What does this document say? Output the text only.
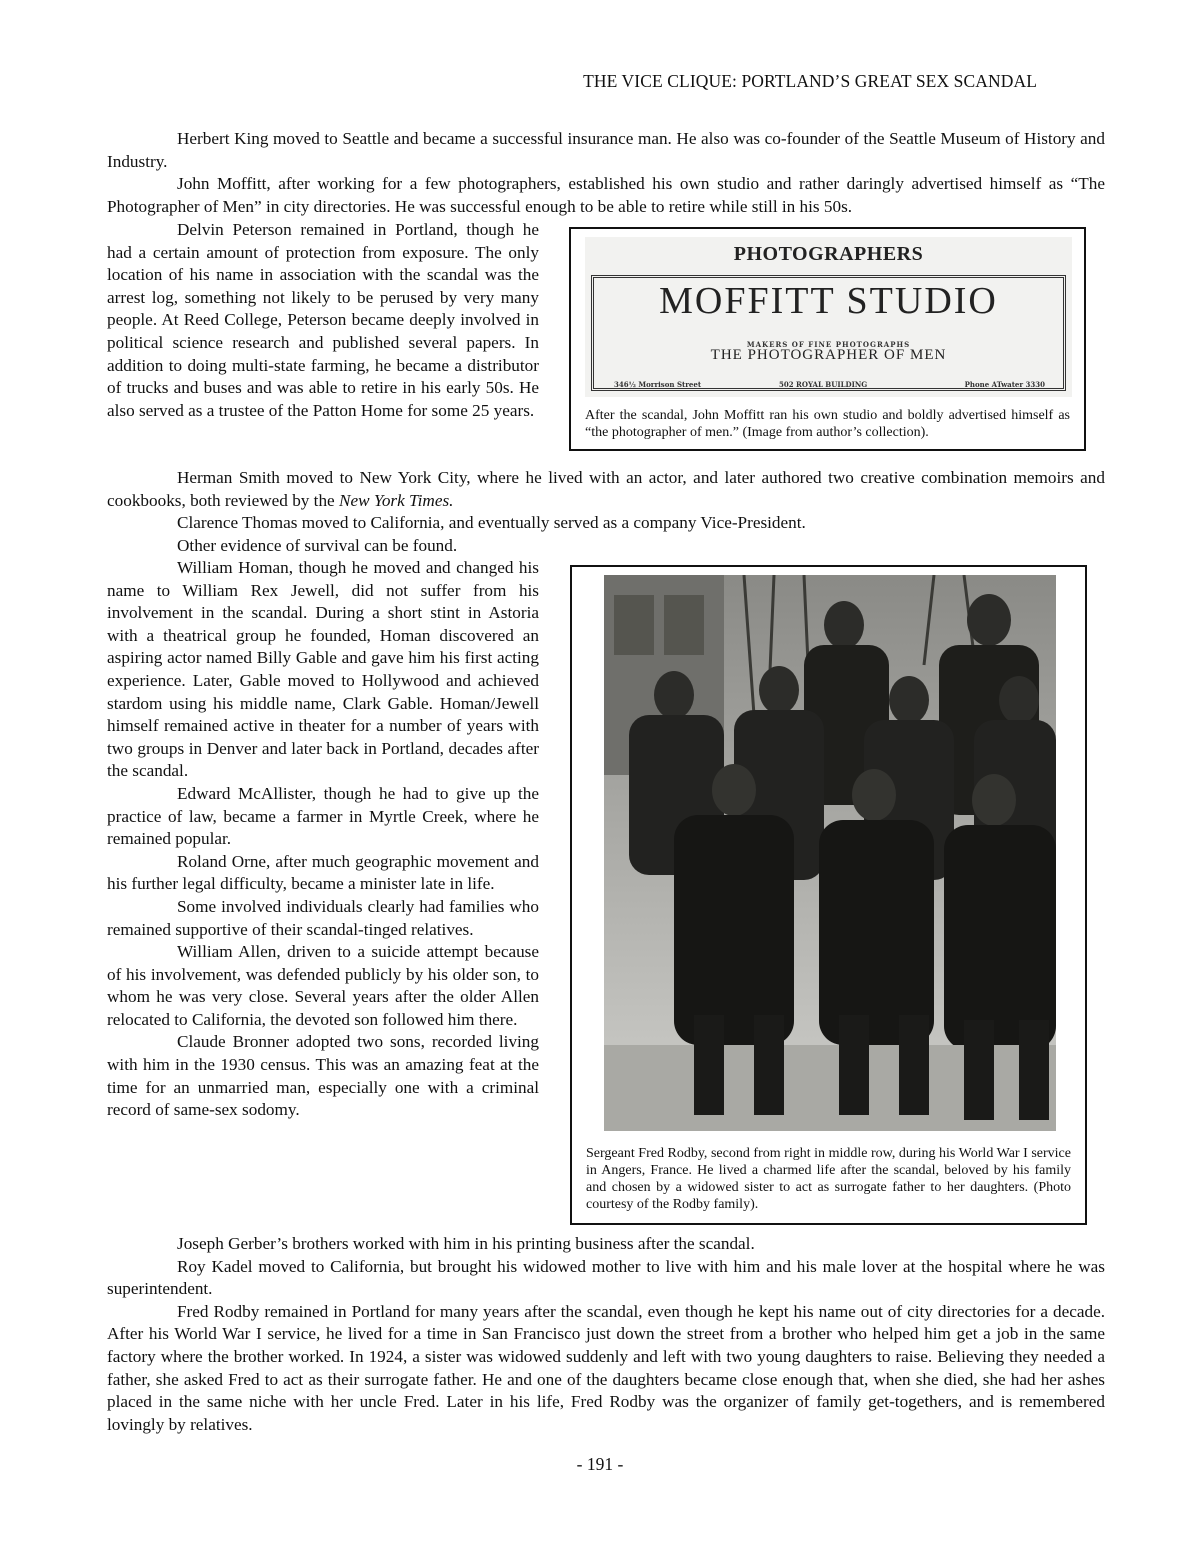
THE VICE CLIQUE: PORTLAND’S GREAT SEX SCANDAL

Herbert King moved to Seattle and became a successful insurance man. He also was co-founder of the Seattle Museum of History and Industry.

John Moffitt, after working for a few photographers, established his own studio and rather daringly advertised himself as “The Photographer of Men” in city directories. He was successful enough to be able to retire while still in his 50s.

Delvin Peterson remained in Portland, though he had a certain amount of protection from exposure. The only location of his name in association with the scandal was the arrest log, something not likely to be perused by very many people. At Reed College, Peterson became deeply involved in political science research and published several papers. In addition to doing multi-state farming, he became a distributor of trucks and buses and was able to retire in his early 50s. He also served as a trustee of the Patton Home for some 25 years.

PHOTOGRAPHERS
MOFFITT STUDIO
MAKERS OF FINE PHOTOGRAPHS
THE PHOTOGRAPHER OF MEN
346½ Morrison Street	502 ROYAL BUILDING	Phone ATwater 3330
After the scandal, John Moffitt ran his own studio and boldly advertised himself as “the photographer of men.” (Image from author’s collection).

Herman Smith moved to New York City, where he lived with an actor, and later authored two creative combination memoirs and cookbooks, both reviewed by the New York Times.

Clarence Thomas moved to California, and eventually served as a company Vice-President.

Other evidence of survival can be found.

William Homan, though he moved and changed his name to William Rex Jewell, did not suffer from his involvement in the scandal. During a short stint in Astoria with a theatrical group he founded, Homan discovered an aspiring actor named Billy Gable and gave him his first acting experience. Later, Gable moved to Hollywood and achieved stardom using his middle name, Clark Gable. Homan/Jewell himself remained active in theater for a number of years with two groups in Denver and later back in Portland, decades after the scandal.

Edward McAllister, though he had to give up the practice of law, became a farmer in Myrtle Creek, where he remained popular.

Roland Orne, after much geographic movement and his further legal difficulty, became a minister late in life.

Some involved individuals clearly had families who remained supportive of their scandal-tinged relatives.

William Allen, driven to a suicide attempt because of his involvement, was defended publicly by his older son, to whom he was very close. Several years after the older Allen relocated to California, the devoted son followed him there.

Claude Bronner adopted two sons, recorded living with him in the 1930 census. This was an amazing feat at the time for an unmarried man, especially one with a criminal record of same-sex sodomy.

Sergeant Fred Rodby, second from right in middle row, during his World War I service in Angers, France. He lived a charmed life after the scandal, beloved by his family and chosen by a widowed sister to act as surrogate father to her daughters. (Photo courtesy of the Rodby family).

Joseph Gerber’s brothers worked with him in his printing business after the scandal.

Roy Kadel moved to California, but brought his widowed mother to live with him and his male lover at the hospital where he was superintendent.

Fred Rodby remained in Portland for many years after the scandal, even though he kept his name out of city directories for a decade. After his World War I service, he lived for a time in San Francisco just down the street from a brother who helped him get a job in the same factory where the brother worked. In 1924, a sister was widowed suddenly and left with two young daughters to raise. Believing they needed a father, she asked Fred to act as their surrogate father. He and one of the daughters became close enough that, when she died, she had her ashes placed in the same niche with her uncle Fred. Later in his life, Fred Rodby was the organizer of family get-togethers, and is remembered lovingly by relatives.

- 191 -
